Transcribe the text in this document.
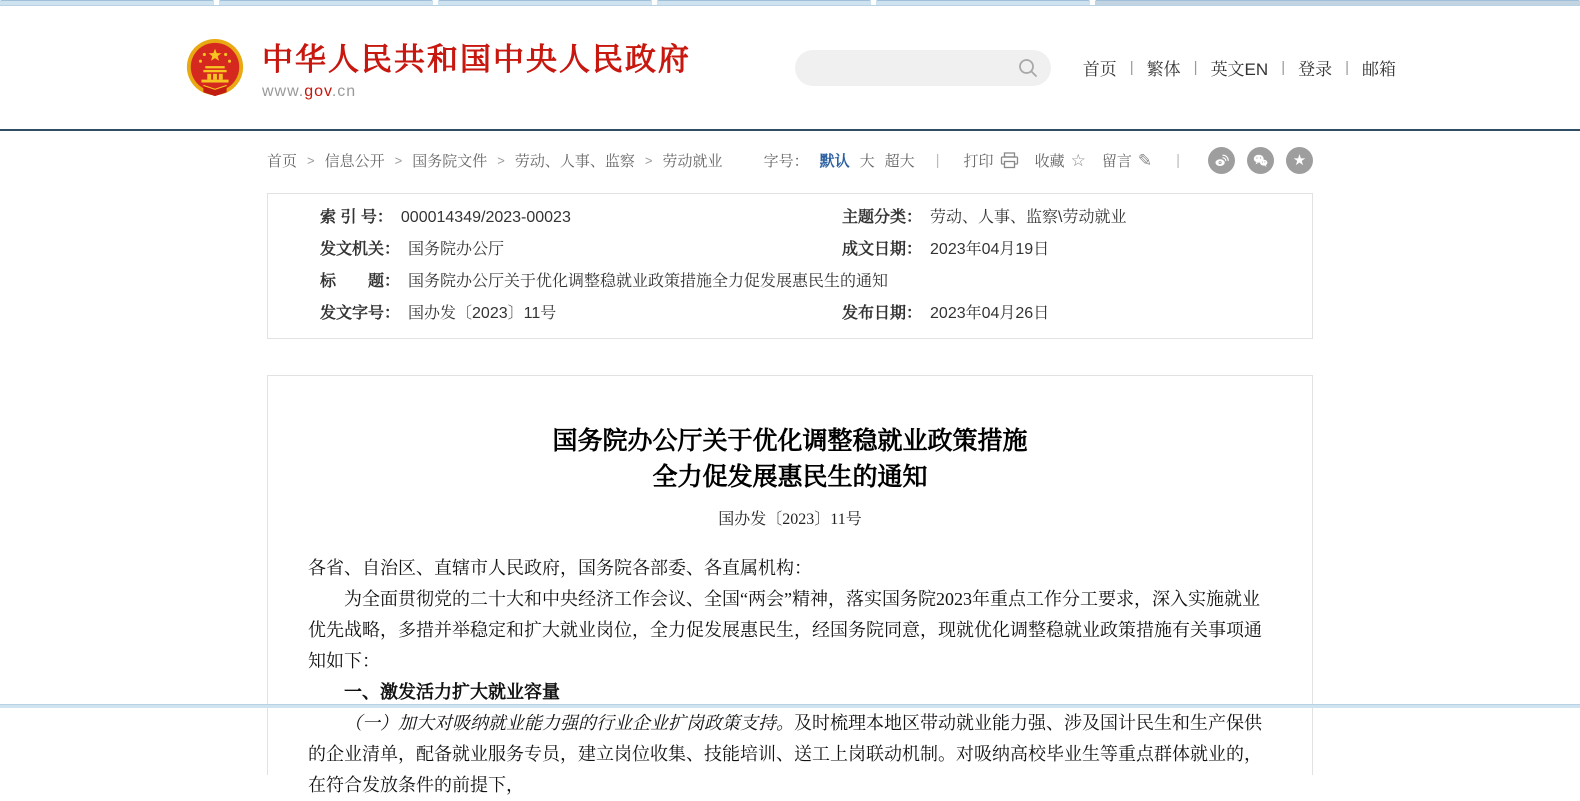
中华人民共和国中央人民政府
www.gov.cn
首页 | 繁体 | 英文EN | 登录 | 邮箱
首页 > 信息公开 > 国务院文件 > 劳动、人事、监察 > 劳动就业	字号： 默认 大 超大 | 打印	收藏 ☆ 留言 ✎ |	★
索 引 号： 000014349/2023-00023	主题分类： 劳动、人事、监察\劳动就业
发文机关： 国务院办公厅	成文日期： 2023年04月19日
标　　题： 国务院办公厅关于优化调整稳就业政策措施全力促发展惠民生的通知
发文字号： 国办发〔2023〕11号	发布日期： 2023年04月26日
国务院办公厅关于优化调整稳就业政策措施
全力促发展惠民生的通知
国办发〔2023〕11号

各省、自治区、直辖市人民政府，国务院各部委、各直属机构：

为全面贯彻党的二十大和中央经济工作会议、全国“两会”精神，落实国务院2023年重点工作分工要求，深入实施就业优先战略，多措并举稳定和扩大就业岗位，全力促发展惠民生，经国务院同意，现就优化调整稳就业政策措施有关事项通知如下：

一、激发活力扩大就业容量

（一）加大对吸纳就业能力强的行业企业扩岗政策支持。及时梳理本地区带动就业能力强、涉及国计民生和生产保供的企业清单，配备就业服务专员，建立岗位收集、技能培训、送工上岗联动机制。对吸纳高校毕业生等重点群体就业的，在符合发放条件的前提下，
